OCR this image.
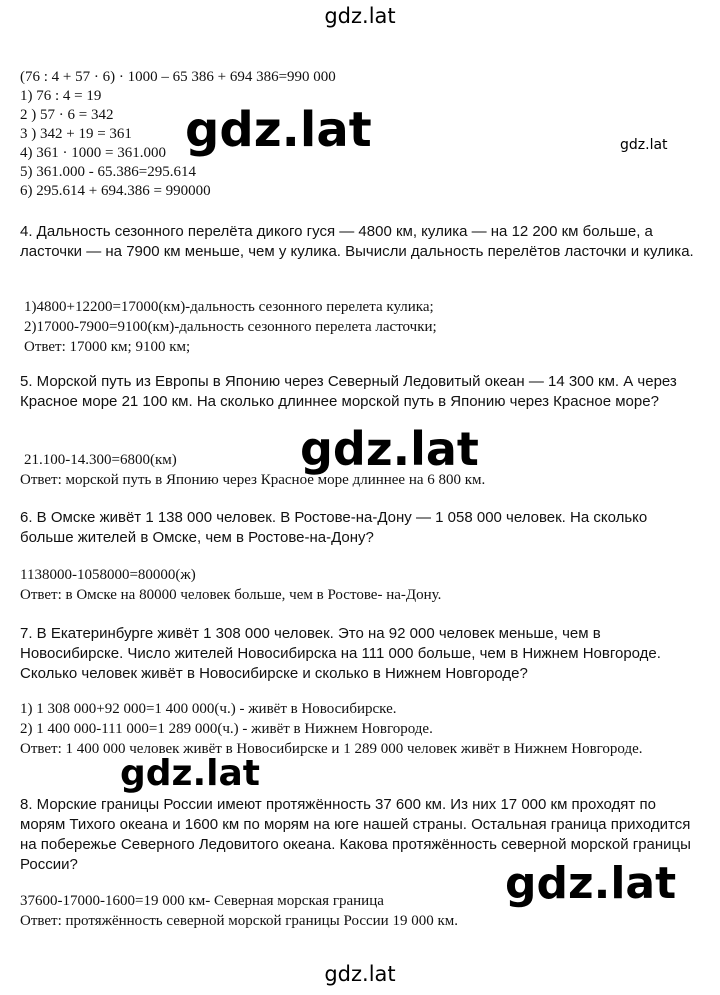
gdz.lat
(76 : 4 + 57 · 6) · 1000 – 65 386 + 694 386=990 000
1) 76 : 4 = 19
2 ) 57 · 6 = 342
3 ) 342 + 19 = 361
4) 361 · 1000 = 361.000
5) 361.000 - 65.386=295.614
6) 295.614 + 694.386 = 990000
gdz.lat	gdz.lat
4. Дальность сезонного перелёта дикого гуся — 4800 км, кулика — на 12 200 км больше, а ласточки — на 7900 км меньше, чем у кулика. Вычисли дальность перелётов ласточки и кулика.
1)4800+12200=17000(км)-дальность сезонного перелета кулика;
2)17000-7900=9100(км)-дальность сезонного перелета ласточки;
Ответ: 17000 км; 9100 км;
5. Морской путь из Европы в Японию через Северный Ледовитый океан — 14 300 км. А через Красное море 21 100 км. На сколько длиннее морской путь в Японию через Красное море?
gdz.lat
21.100-14.300=6800(км)
Ответ: морской путь в Японию через Красное море длиннее на 6 800 км.
6. В Омске живёт 1 138 000 человек. В Ростове-на-Дону — 1 058 000 человек. На сколько больше жителей в Омске, чем в Ростове-на-Дону?
1138000-1058000=80000(ж)
Ответ: в Омске на 80000 человек больше, чем в Ростове- на-Дону.
7. В Екатеринбурге живёт 1 308 000 человек. Это на 92 000 человек меньше, чем в Новосибирске. Число жителей Новосибирска на 111 000 больше, чем в Нижнем Новгороде. Сколько человек живёт в Новосибирске и сколько в Нижнем Новгороде?
1) 1 308 000+92 000=1 400 000(ч.) - живёт в Новосибирске.
2) 1 400 000-111 000=1 289 000(ч.) - живёт в Нижнем Новгороде.
Ответ: 1 400 000 человек живёт в Новосибирске и 1 289 000 человек живёт в Нижнем Новгороде.
gdz.lat
8. Морские границы России имеют протяжённость 37 600 км. Из них 17 000 км проходят по морям Тихого океана и 1600 км по морям на юге нашей страны. Остальная граница приходится на побережье Северного Ледовитого океана. Какова протяжённость северной морской границы России?
37600-17000-1600=19 000 км- Северная морская граница
Ответ: протяжённость северной морской границы России 19 000 км.
gdz.lat
gdz.lat
